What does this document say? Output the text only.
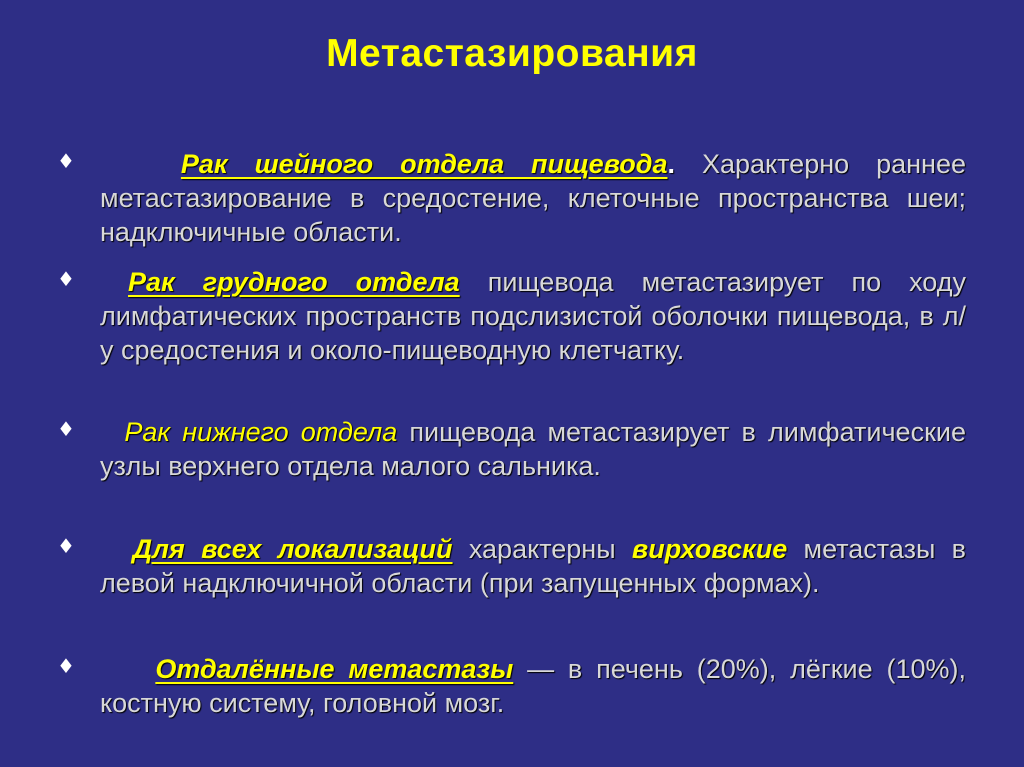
Метастазирования
♦	Рак шейного отдела пищевода. Характерно раннее метастазирование в средостение, клеточные пространства шеи; надключичные области.
♦	Рак грудного отдела пищевода метастазирует по ходу лимфатических пространств подслизистой оболочки пищевода, в л/у средостения и около-пищеводную клетчатку.
♦	Рак нижнего отдела пищевода метастазирует в лимфатические узлы верхнего отдела малого сальника.
♦	Для всех локализаций характерны вирховские метастазы в левой надключичной области (при запущенных формах).
♦	Отдалённые метастазы — в печень (20%), лёгкие (10%), костную систему, головной мозг.
